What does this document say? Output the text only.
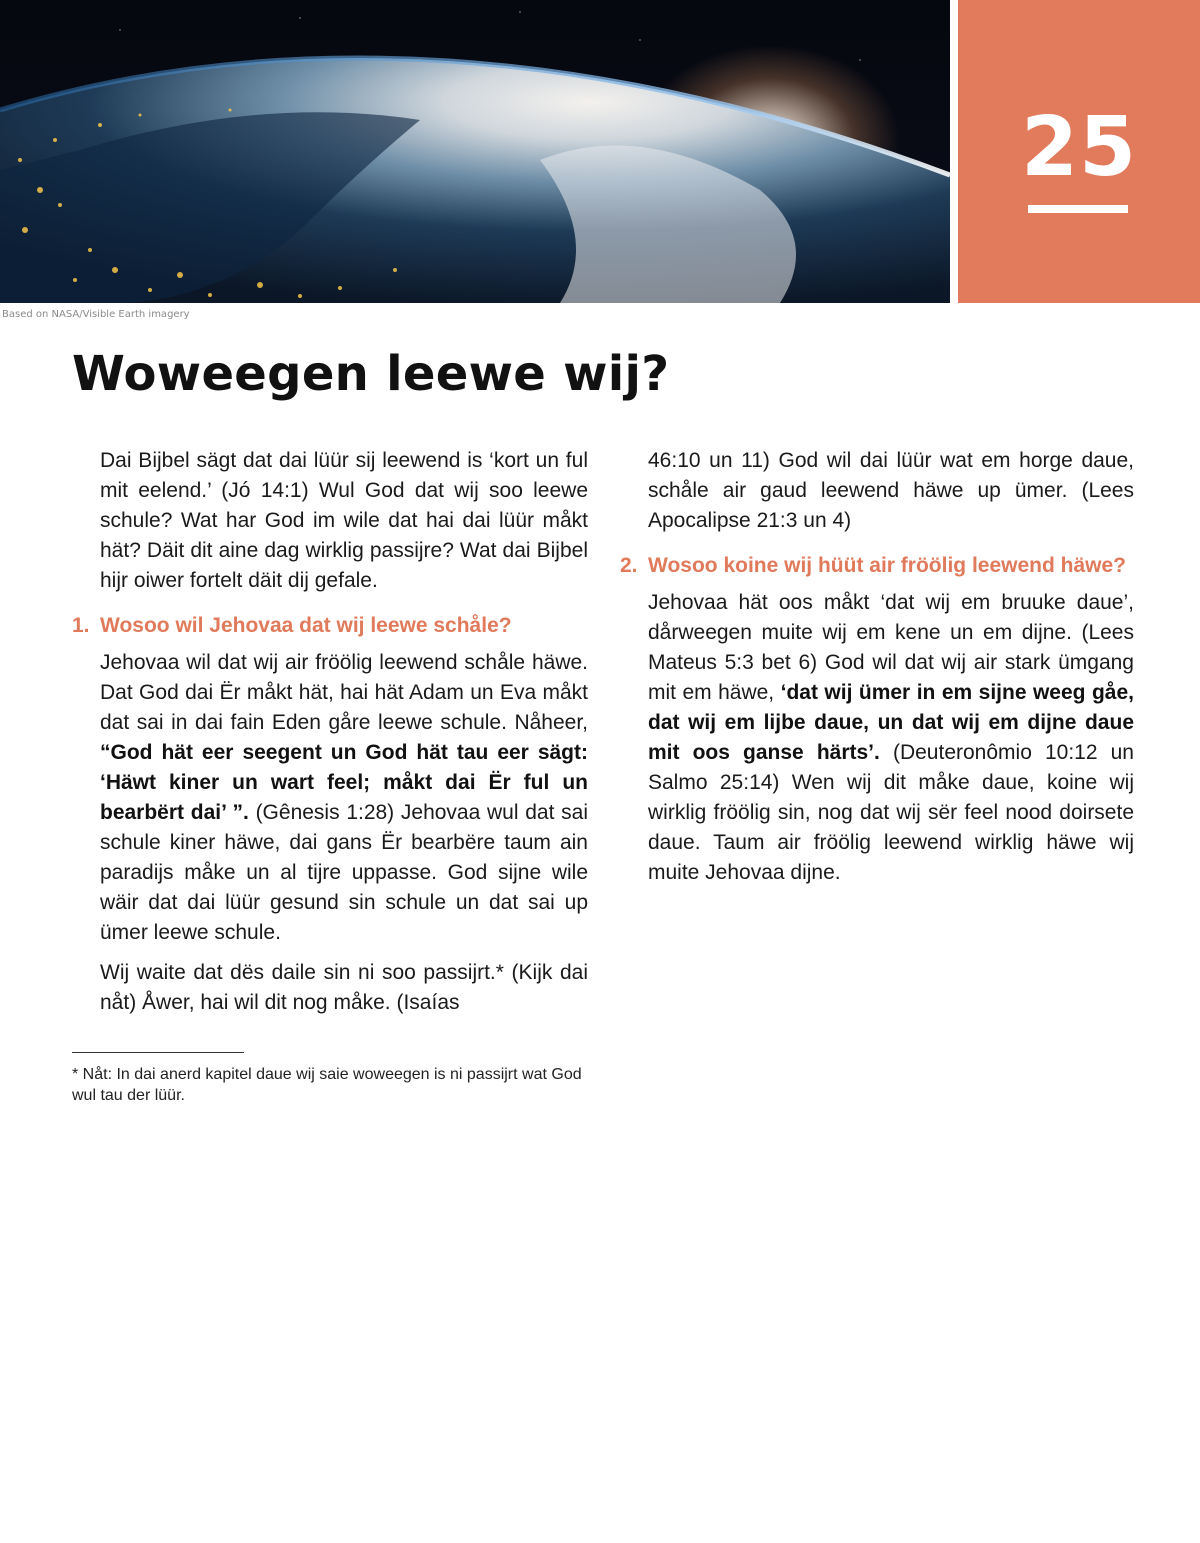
25
Based on NASA/Visible Earth imagery
Woweegen leewe wij?

Dai Bijbel sägt dat dai lüür sij leewend is ‘kort un ful mit eelend.’ (Jó 14:1) Wul God dat wij soo leewe schule? Wat har God im wile dat hai dai lüür måkt hät? Däit dit aine dag wirklig passijre? Wat dai Bijbel hijr oiwer fortelt däit dij gefale.

1. Wosoo wil Jehovaa dat wij leewe schåle?

Jehovaa wil dat wij air fröölig leewend schåle häwe. Dat God dai Ër måkt hät, hai hät Adam un Eva måkt dat sai in dai fain Eden gåre leewe schule. Nåheer, “God hät eer seegent un God hät tau eer sägt: ‘Häwt kiner un wart feel; måkt dai Ër ful un bearbërt dai’ ”. (Gênesis 1:28) Jehovaa wul dat sai schule kiner häwe, dai gans Ër bearbëre taum ain paradijs måke un al tijre uppasse. God sijne wile wäir dat dai lüür gesund sin schule un dat sai up ümer leewe schule.

Wij waite dat dës daile sin ni soo passijrt.* (Kijk dai nåt) Åwer, hai wil dit nog måke. (Isaías

46:10 un 11) God wil dai lüür wat em horge daue, schåle air gaud leewend häwe up ümer. (Lees Apocalipse 21:3 un 4)

2. Wosoo koine wij hüüt air fröölig leewend häwe?

Jehovaa hät oos måkt ‘dat wij em bruuke daue’, dårweegen muite wij em kene un em dijne. (Lees Mateus 5:3 bet 6) God wil dat wij air stark ümgang mit em häwe, ‘dat wij ümer in em sijne weeg gåe, dat wij em lijbe daue, un dat wij em dijne daue mit oos ganse härts’. (Deuteronômio 10:12 un Salmo 25:14) Wen wij dit måke daue, koine wij wirklig fröölig sin, nog dat wij sër feel nood doirsete daue. Taum air fröölig leewend wirklig häwe wij muite Jehovaa dijne.

* Nåt: In dai anerd kapitel daue wij saie woweegen is ni passijrt wat God wul tau der lüür.
